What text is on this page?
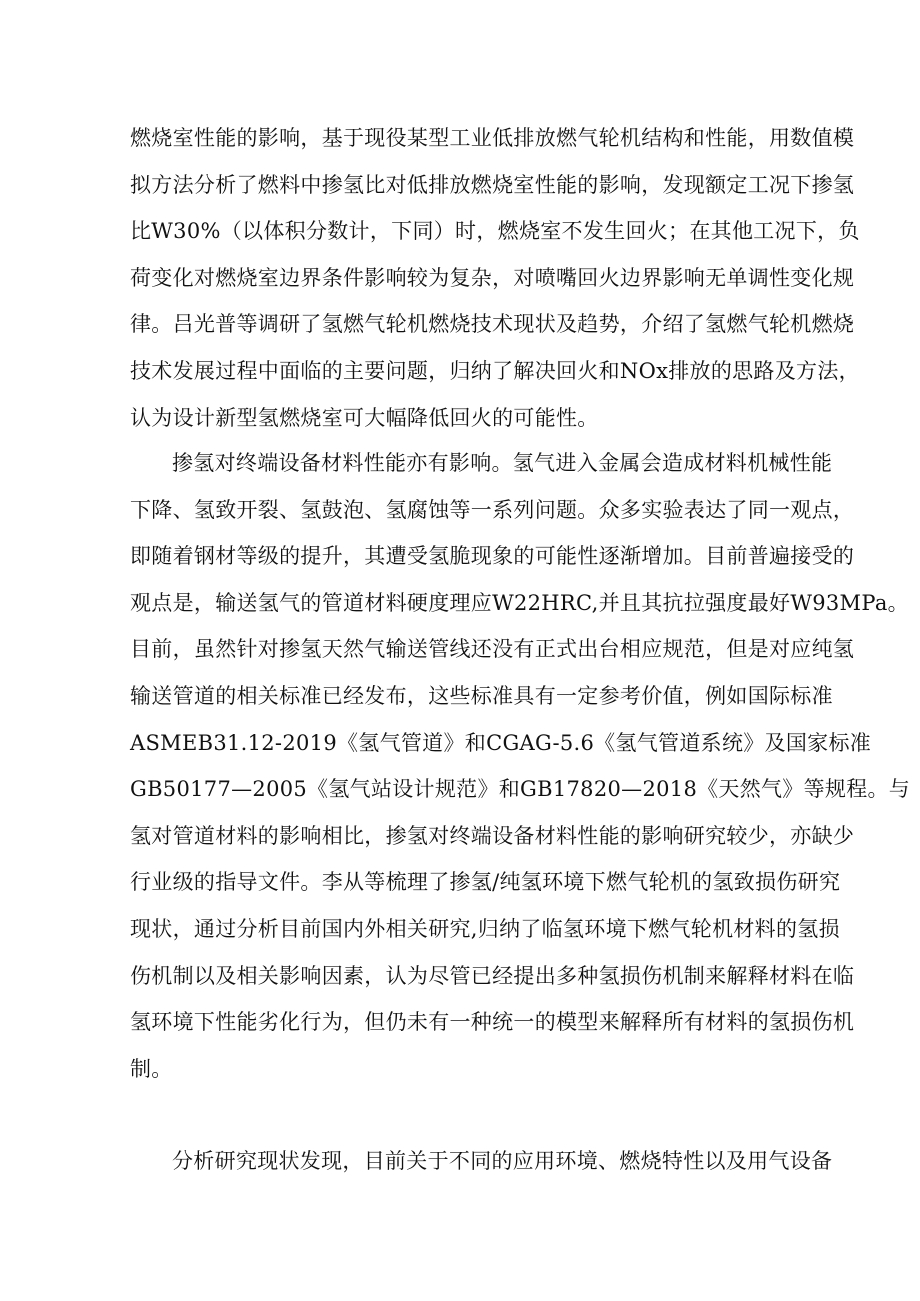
燃烧室性能的影响，基于现役某型工业低排放燃气轮机结构和性能，用数值模
拟方法分析了燃料中掺氢比对低排放燃烧室性能的影响，发现额定工况下掺氢
比W30%（以体积分数计，下同）时，燃烧室不发生回火；在其他工况下，负
荷变化对燃烧室边界条件影响较为复杂，对喷嘴回火边界影响无单调性变化规
律。吕光普等调研了氢燃气轮机燃烧技术现状及趋势，介绍了氢燃气轮机燃烧
技术发展过程中面临的主要问题，归纳了解决回火和NOx排放的思路及方法，
认为设计新型氢燃烧室可大幅降低回火的可能性。
掺氢对终端设备材料性能亦有影响。氢气进入金属会造成材料机械性能
下降、氢致开裂、氢鼓泡、氢腐蚀等一系列问题。众多实验表达了同一观点，
即随着钢材等级的提升，其遭受氢脆现象的可能性逐渐增加。目前普遍接受的
观点是，输送氢气的管道材料硬度理应W22HRC,并且其抗拉强度最好W93MPa。
目前，虽然针对掺氢天然气输送管线还没有正式出台相应规范，但是对应纯氢
输送管道的相关标准已经发布，这些标准具有一定参考价值，例如国际标准
ASMEB31.12-2019《氢气管道》和CGAG-5.6《氢气管道系统》及国家标准
GB50177—2005《氢气站设计规范》和GB17820—2018《天然气》等规程。与
氢对管道材料的影响相比，掺氢对终端设备材料性能的影响研究较少，亦缺少
行业级的指导文件。李从等梳理了掺氢/纯氢环境下燃气轮机的氢致损伤研究
现状，通过分析目前国内外相关研究,归纳了临氢环境下燃气轮机材料的氢损
伤机制以及相关影响因素，认为尽管已经提出多种氢损伤机制来解释材料在临
氢环境下性能劣化行为，但仍未有一种统一的模型来解释所有材料的氢损伤机
制。
分析研究现状发现，目前关于不同的应用环境、燃烧特性以及用气设备
